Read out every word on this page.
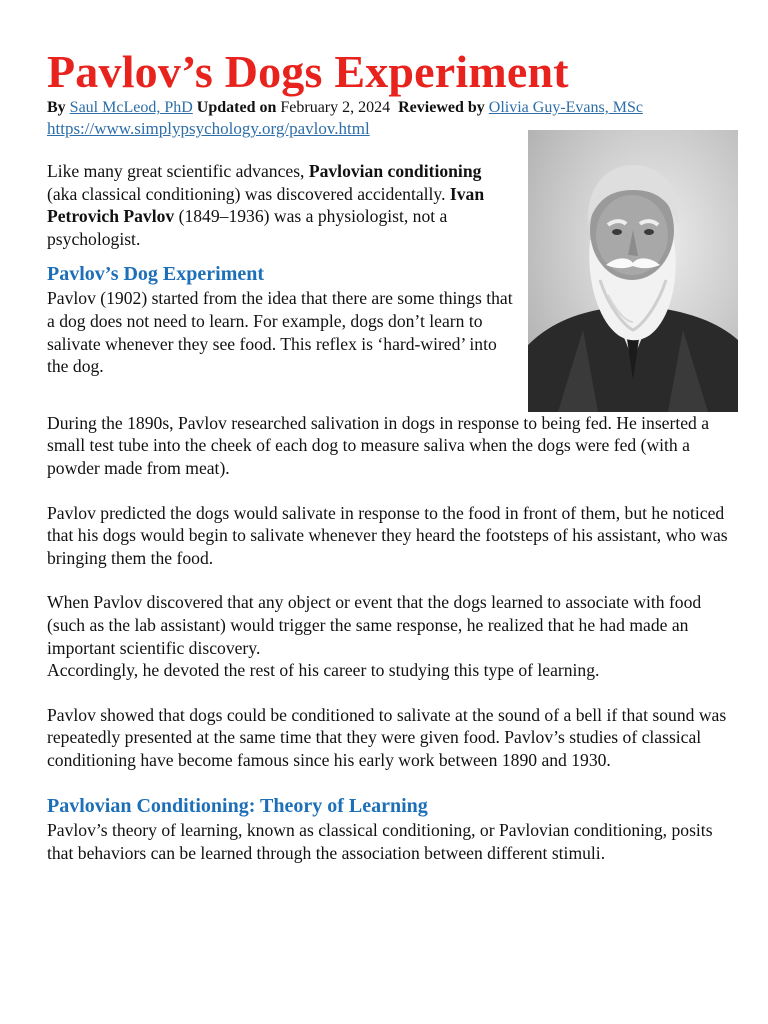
Pavlov’s Dogs Experiment
By Saul McLeod, PhD Updated on February 2, 2024 Reviewed by Olivia Guy-Evans, MSc
https://www.simplypsychology.org/pavlov.html

Like many great scientific advances, Pavlovian conditioning (aka classical conditioning) was discovered accidentally. Ivan Petrovich Pavlov (1849–1936) was a physiologist, not a psychologist.

Pavlov’s Dog Experiment

Pavlov (1902) started from the idea that there are some things that a dog does not need to learn. For example, dogs don’t learn to salivate whenever they see food. This reflex is ‘hard-wired’ into the dog.

During the 1890s, Pavlov researched salivation in dogs in response to being fed. He inserted a small test tube into the cheek of each dog to measure saliva when the dogs were fed (with a powder made from meat).

Pavlov predicted the dogs would salivate in response to the food in front of them, but he noticed that his dogs would begin to salivate whenever they heard the footsteps of his assistant, who was bringing them the food.

When Pavlov discovered that any object or event that the dogs learned to associate with food (such as the lab assistant) would trigger the same response, he realized that he had made an important scientific discovery.

Accordingly, he devoted the rest of his career to studying this type of learning.

Pavlov showed that dogs could be conditioned to salivate at the sound of a bell if that sound was repeatedly presented at the same time that they were given food. Pavlov’s studies of classical conditioning have become famous since his early work between 1890 and 1930.

Pavlovian Conditioning: Theory of Learning

Pavlov’s theory of learning, known as classical conditioning, or Pavlovian conditioning, posits that behaviors can be learned through the association between different stimuli.
